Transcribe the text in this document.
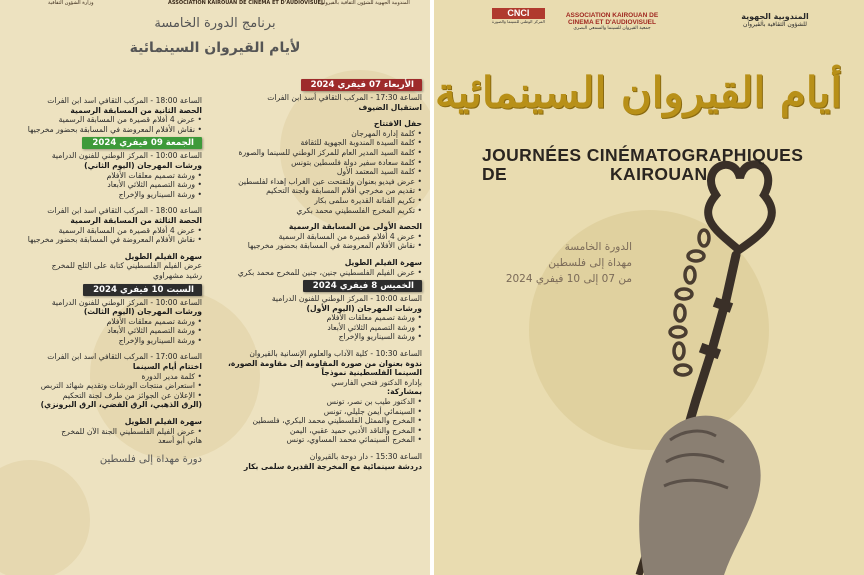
وزارة الشؤون الثقافية	ASSOCIATION KAIROUAN DE CINEMA ET D'AUDIOVISUEL
المندوبية الجهوية للشؤون الثقافية بالقيروان
برنامج الدورة الخامسة
لأيام القيروان السينمائية
الأربعاء 07 فيفري 2024
الساعة 17:30 - المركب الثقافي أسد ابن الفرات
استقبال الضيوف
حفل الافتتاح
• كلمة إدارة المهرجان
• كلمة السيدة المندوبة الجهوية للثقافة
• كلمة السيد المدير العام للمركز الوطني للسينما والصورة
• كلمة سعادة سفير دولة فلسطين بتونس
• كلمة السيد المعتمد الأول
• عرض فيديو بعنوان ولتفتحت عين الغراب إهداء لفلسطين
• تقديم من مخرجي أفلام المسابقة ولجنة التحكيم
• تكريم الفنانة القديرة سلمى بكار
• تكريم المخرج الفلسطيني محمد بكري
الحصة الأولى من المسابقة الرسمية
• عرض 4 أفلام قصيرة من المسابقة الرسمية
• نقاش الأفلام المعروضة في المسابقة بحضور مخرجيها
سهرة الفيلم الطويل
• عرض الفيلم الفلسطيني جنين، جنين للمخرج محمد بكري
الخميس 8 فيفري 2024
الساعة 10:00 - المركز الوطني للفنون الدرامية
ورشات المهرجان (اليوم الأول)
• ورشة تصميم معلقات الأفلام
• ورشة التصميم الثلاثي الأبعاد
• ورشة السيناريو والإخراج
الساعة 10:30 - كلية الآداب والعلوم الإنسانية بالقيروان
ندوة بعنوان من صورة المقاومة إلى مقاومة الصورة،
السينما الفلسطينية نموذجاً
بإدارة الدكتور فتحي الفارسي
بمشاركة:
• الدكتور طيب بن نصر، تونس
• السينمائي أيمن جليلي، تونس
• المخرج والممثل الفلسطيني محمد البكري، فلسطين
• المخرج والناقد الأدبي حميد عقبي، اليمن
• المخرج السينمائي محمد المساوي، تونس
الساعة 15:30 - دار دوحة بالقيروان
دردشة سينمائية مع المخرجة القديرة سلمى بكار
الساعة 18:00 - المركب الثقافي اسد ابن الفرات
الحصة الثانية من المسابقة الرسمية
• عرض 4 أفلام قصيرة من المسابقة الرسمية
• نقاش الأفلام المعروضة في المسابقة بحضور مخرجيها
الجمعة 09 فيفري 2024
الساعة 10:00 - المركز الوطني للفنون الدرامية
ورشات المهرجان (اليوم الثاني)
• ورشة تصميم معلقات الأفلام
• ورشة التصميم الثلاثي الأبعاد
• ورشة السيناريو والإخراج
الساعة 18:00 - المركب الثقافي اسد ابن الفرات
الحصة الثالثة من المسابقة الرسمية
• عرض 4 أفلام قصيرة من المسابقة الرسمية
• نقاش الأفلام المعروضة في المسابقة بحضور مخرجيها
سهرة الفيلم الطويل
عرض الفيلم الفلسطيني كتابة على الثلج للمخرج
رشيد مشهراوي
السبت 10 فيفري 2024
الساعة 10:00 - المركز الوطني للفنون الدرامية
ورشات المهرجان (اليوم الثالث)
• ورشة تصميم معلقات الأفلام
• ورشة التصميم الثلاثي الأبعاد
• ورشة السيناريو والإخراج
الساعة 17:00 - المركب الثقافي اسد ابن الفرات
اختتام أيام السينما
• كلمة مدير الدورة
• استعراض منتجات الورشات وتقديم شهائد التربص
• الإعلان عن الجوائز من طرف لجنة التحكيم
(الرق الذهبي، الرق الفضي، الرق البرونزي)
سهرة الفيلم الطويل
• عرض الفيلم الفلسطيني الجنة الآن للمخرج
هاني أبو أسعد
دورة مهداة إلى فلسطين
CNCI
المركز الوطني للسينما والصورة
ASSOCIATION KAIROUAN DE CINEMA ET D'AUDIOVISUEL
جمعية القيروان للسينما والسمعي البصري
المندوبية الجهوية
للشؤون الثقافية بالقيروان
أيام القيروان السينمائية
JOURNÉES CINÉMATOGRAPHIQUES
DE	KAIROUAN
الدورة الخامسة
مهداة إلى فلسطين
من 07 إلى 10 فيفري 2024
